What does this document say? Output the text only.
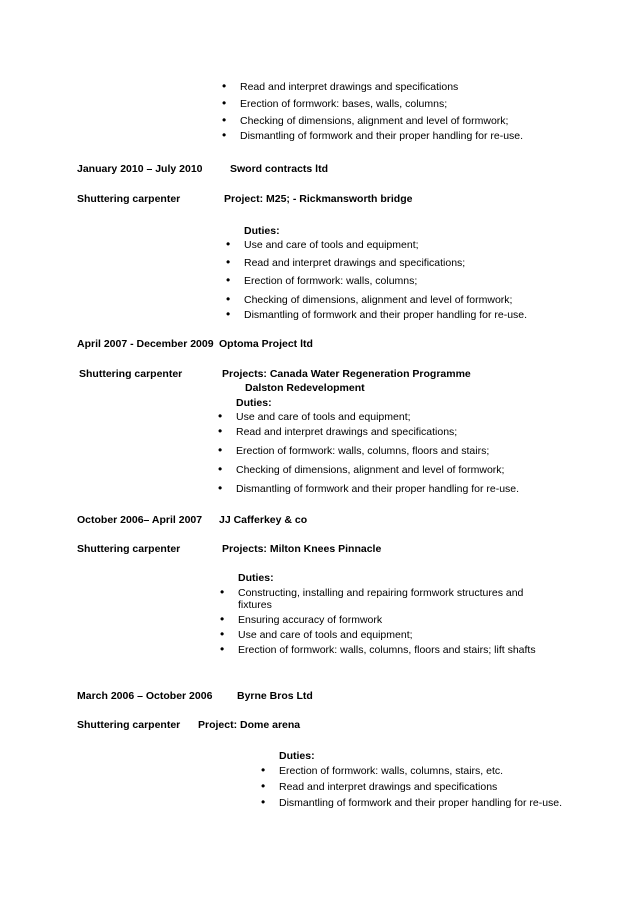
• Read and interpret drawings and specifications
• Erection of formwork: bases, walls, columns;
• Checking of dimensions, alignment and level of formwork;
• Dismantling of formwork and their proper handling for re-use.
January 2010 – July 2010	Sword contracts ltd
Shuttering carpenter	Project: M25; - Rickmansworth bridge
Duties:
• Use and care of tools and equipment;
• Read and interpret drawings and specifications;
• Erection of formwork: walls, columns;
• Checking of dimensions, alignment and level of formwork;
• Dismantling of formwork and their proper handling for re-use.
April 2007 - December 2009 Optoma Project ltd
Shuttering carpenter	Projects: Canada Water Regeneration Programme
Dalston Redevelopment
Duties:
• Use and care of tools and equipment;
• Read and interpret drawings and specifications;
• Erection of formwork: walls, columns, floors and stairs;
• Checking of dimensions, alignment and level of formwork;
• Dismantling of formwork and their proper handling for re-use.
October 2006– April 2007 JJ Cafferkey & co
Shuttering carpenter	Projects: Milton Knees Pinnacle
Duties:
• Constructing, installing and repairing formwork structures and fixtures
• Ensuring accuracy of formwork
• Use and care of tools and equipment;
• Erection of formwork: walls, columns, floors and stairs; lift shafts
March 2006 – October 2006 Byrne Bros Ltd
Shuttering carpenter Project: Dome arena
Duties:
• Erection of formwork: walls, columns, stairs, etc.
• Read and interpret drawings and specifications
• Dismantling of formwork and their proper handling for re-use.
